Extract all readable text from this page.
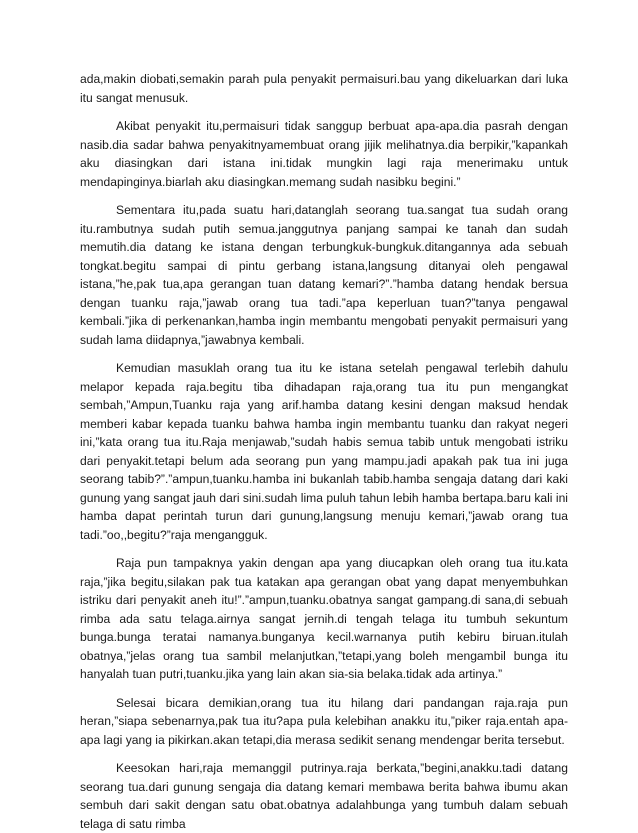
ada,makin diobati,semakin parah pula penyakit permaisuri.bau yang dikeluarkan dari luka itu sangat menusuk.

Akibat penyakit itu,permaisuri tidak sanggup berbuat apa-apa.dia pasrah dengan nasib.dia sadar bahwa penyakitnyamembuat orang jijik melihatnya.dia berpikir,”kapankah aku diasingkan dari istana ini.tidak mungkin lagi raja menerimaku untuk mendapinginya.biarlah aku diasingkan.memang sudah nasibku begini.”

Sementara itu,pada suatu hari,datanglah seorang tua.sangat tua sudah orang itu.rambutnya sudah putih semua.janggutnya panjang sampai ke tanah dan sudah memutih.dia datang ke istana dengan terbungkuk-bungkuk.ditangannya ada sebuah tongkat.begitu sampai di pintu gerbang istana,langsung ditanyai oleh pengawal istana,”he,pak tua,apa gerangan tuan datang kemari?”.”hamba datang hendak bersua dengan tuanku raja,”jawab orang tua tadi.”apa keperluan tuan?”tanya pengawal kembali.”jika di perkenankan,hamba ingin membantu mengobati penyakit permaisuri yang sudah lama diidapnya,”jawabnya kembali.

Kemudian masuklah orang tua itu ke istana setelah pengawal terlebih dahulu melapor kepada raja.begitu tiba dihadapan raja,orang tua itu pun mengangkat sembah,”Ampun,Tuanku raja yang arif.hamba datang kesini dengan maksud hendak memberi kabar kepada tuanku bahwa hamba ingin membantu tuanku dan rakyat negeri ini,”kata orang tua itu.Raja menjawab,”sudah habis semua tabib untuk mengobati istriku dari penyakit.tetapi belum ada seorang pun yang mampu.jadi apakah pak tua ini juga seorang tabib?”.”ampun,tuanku.hamba ini bukanlah tabib.hamba sengaja datang dari kaki gunung yang sangat jauh dari sini.sudah lima puluh tahun lebih hamba bertapa.baru kali ini hamba dapat perintah turun dari gunung,langsung menuju kemari,”jawab orang tua tadi.”oo,,begitu?”raja mengangguk.

Raja pun tampaknya yakin dengan apa yang diucapkan oleh orang tua itu.kata raja,”jika begitu,silakan pak tua katakan apa gerangan obat yang dapat menyembuhkan istriku dari penyakit aneh itu!”.”ampun,tuanku.obatnya sangat gampang.di sana,di sebuah rimba ada satu telaga.airnya sangat jernih.di tengah telaga itu tumbuh sekuntum bunga.bunga teratai namanya.bunganya kecil.warnanya putih kebiru biruan.itulah obatnya,”jelas orang tua sambil melanjutkan,”tetapi,yang boleh mengambil bunga itu hanyalah tuan putri,tuanku.jika yang lain akan sia-sia belaka.tidak ada artinya.”

Selesai bicara demikian,orang tua itu hilang dari pandangan raja.raja pun heran,”siapa sebenarnya,pak tua itu?apa pula kelebihan anakku itu,”piker raja.entah apa-apa lagi yang ia pikirkan.akan tetapi,dia merasa sedikit senang mendengar berita tersebut.

Keesokan hari,raja memanggil putrinya.raja berkata,”begini,anakku.tadi datang seorang tua.dari gunung sengaja dia datang kemari membawa berita bahwa ibumu akan sembuh dari sakit dengan satu obat.obatnya adalahbunga yang tumbuh dalam sebuah telaga di satu rimba
